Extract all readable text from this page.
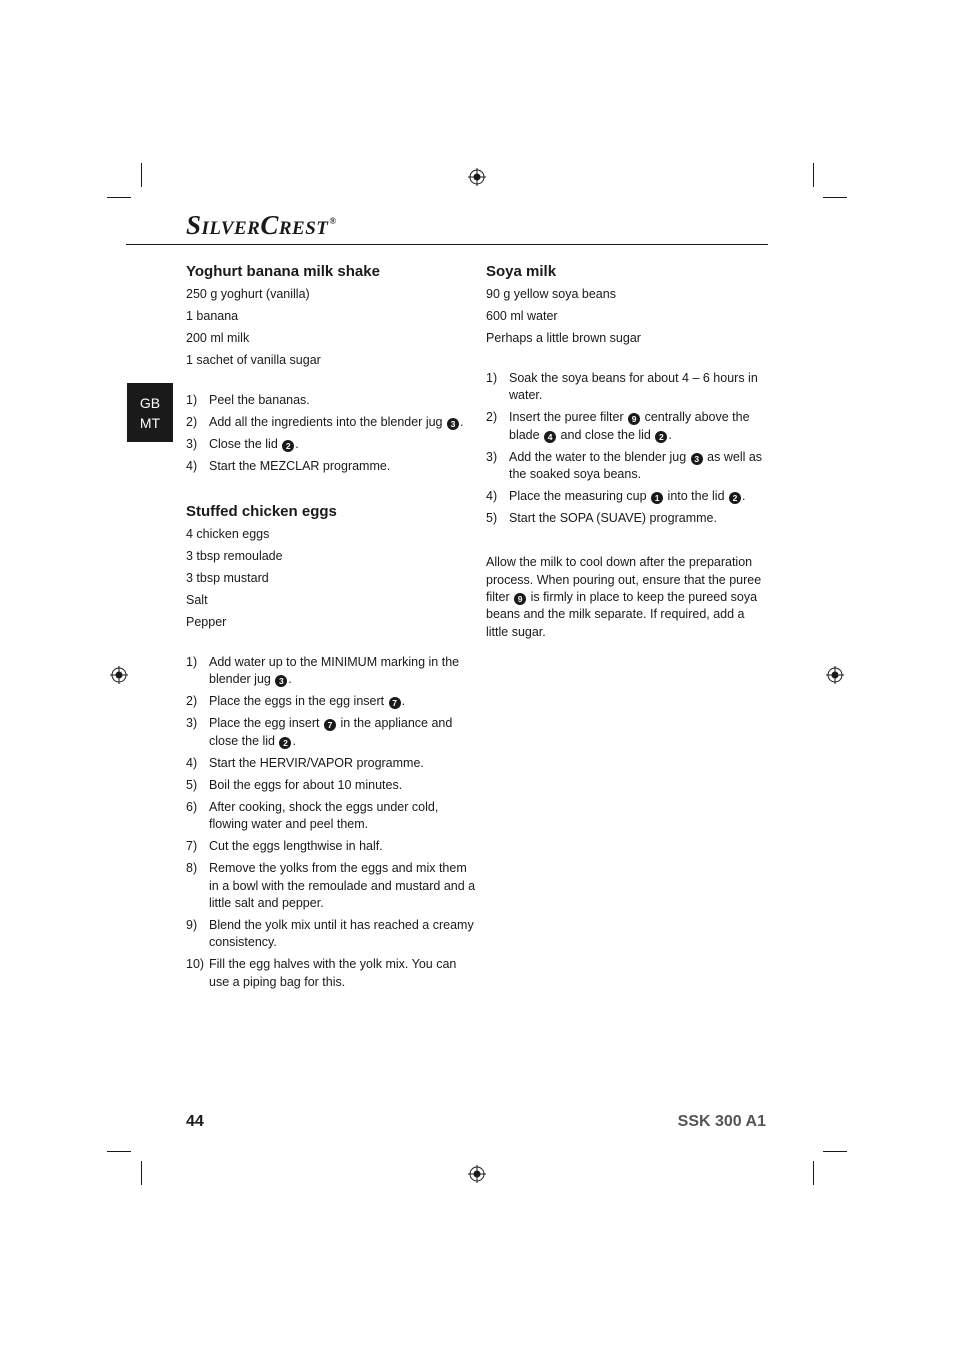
SILVERCREST®
GB
MT
Yoghurt banana milk shake
250 g yoghurt (vanilla)
1 banana
200 ml milk
1 sachet of vanilla sugar
1) Peel the bananas.
2) Add all the ingredients into the blender jug 3 .
3) Close the lid 2 .
4) Start the MEZCLAR programme.
Stuffed chicken eggs
4 chicken eggs
3 tbsp remoulade
3 tbsp mustard
Salt
Pepper
1) Add water up to the MINIMUM marking in the blender jug 3 .
2) Place the eggs in the egg insert 7 .
3) Place the egg insert 7 in the appliance and close the lid 2 .
4) Start the HERVIR/VAPOR programme.
5) Boil the eggs for about 10 minutes.
6) After cooking, shock the eggs under cold, flowing water and peel them.
7) Cut the eggs lengthwise in half.
8) Remove the yolks from the eggs and mix them in a bowl with the remoulade and mustard and a little salt and pepper.
9) Blend the yolk mix until it has reached a creamy consistency.
10) Fill the egg halves with the yolk mix. You can use a piping bag for this.
Soya milk
90 g yellow soya beans
600 ml water
Perhaps a little brown sugar
1) Soak the soya beans for about 4 – 6 hours in water.
2) Insert the puree filter 9 centrally above the blade 4 and close the lid 2 .
3) Add the water to the blender jug 3 as well as the soaked soya beans.
4) Place the measuring cup 1 into the lid 2 .
5) Start the SOPA (SUAVE) programme.

Allow the milk to cool down after the preparation process. When pouring out, ensure that the puree filter 9 is firmly in place to keep the pureed soya beans and the milk separate. If required, add a little sugar.

44	SSK 300 A1
